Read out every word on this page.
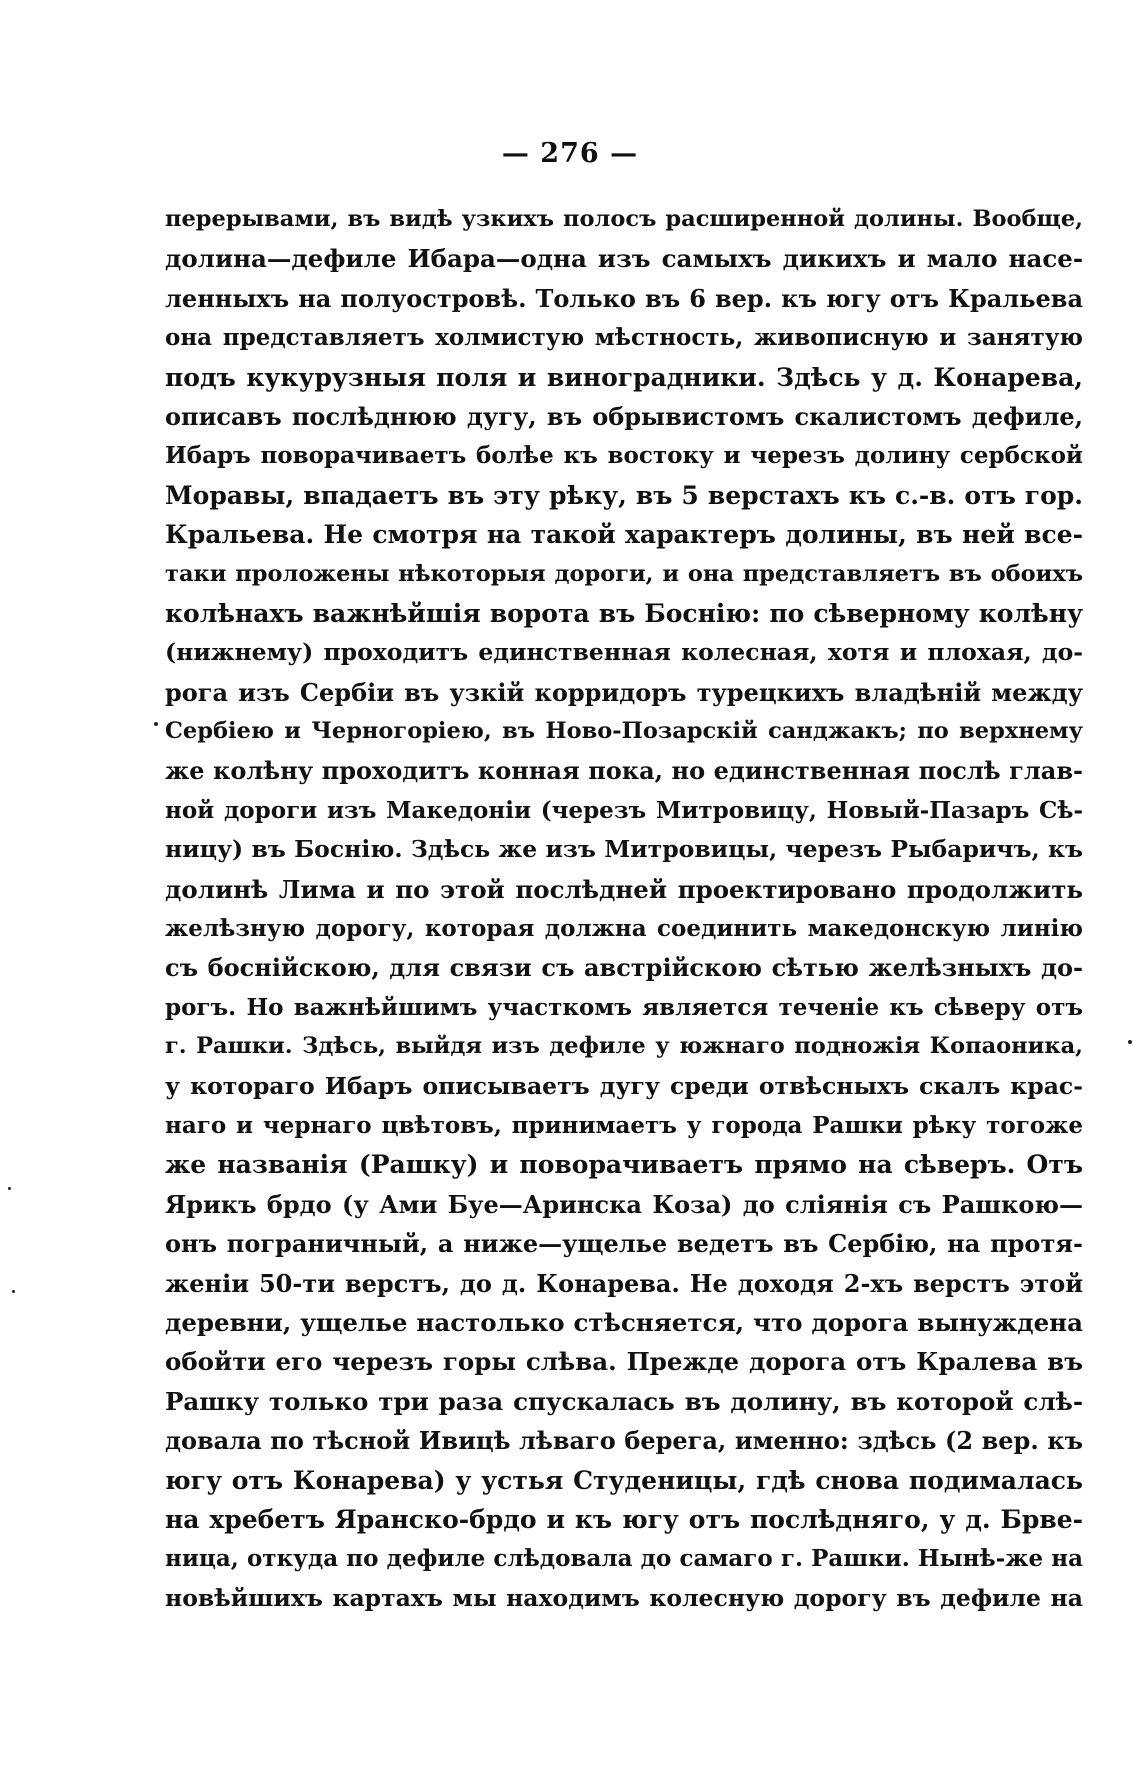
— 276 —
перерывами, въ видѣ узкихъ полосъ расширенной долины. Вообще,
долина—дефиле Ибара—одна изъ самыхъ дикихъ и мало насе-
ленныхъ на полуостровѣ. Только въ 6 вер. къ югу отъ Кральева
она представляетъ холмистую мѣстность, живописную и занятую
подъ кукурузныя поля и виноградники. Здѣсь у д. Конарева,
описавъ послѣднюю дугу, въ обрывистомъ скалистомъ дефиле,
Ибаръ поворачиваетъ болѣе къ востоку и черезъ долину сербской
Моравы, впадаетъ въ эту рѣку, въ 5 верстахъ къ с.-в. отъ гор.
Кральева. Не смотря на такой характеръ долины, въ ней все-
таки проложены нѣкоторыя дороги, и она представляетъ въ обоихъ
колѣнахъ важнѣйшія ворота въ Боснію: по сѣверному колѣну
(нижнему) проходитъ единственная колесная, хотя и плохая, до-
рога изъ Сербіи въ узкій корридоръ турецкихъ владѣній между
Сербіею и Черногоріею, въ Ново-Позарскій санджакъ; по верхнему
же колѣну проходитъ конная пока, но единственная послѣ глав-
ной дороги изъ Македоніи (черезъ Митровицу, Новый-Пазаръ Сѣ-
ницу) въ Боснію. Здѣсь же изъ Митровицы, черезъ Рыбаричъ, къ
долинѣ Лима и по этой послѣдней проектировано продолжить
желѣзную дорогу, которая должна соединить македонскую линію
съ боснійскою, для связи съ австрійскою сѣтью желѣзныхъ до-
рогъ. Но важнѣйшимъ участкомъ является теченіе къ сѣверу отъ
г. Рашки. Здѣсь, выйдя изъ дефиле у южнаго подножія Копаоника,
у котораго Ибаръ описываетъ дугу среди отвѣсныхъ скалъ крас-
наго и чернаго цвѣтовъ, принимаетъ у города Рашки рѣку тогоже
же названія (Рашку) и поворачиваетъ прямо на сѣверъ. Отъ
Ярикъ брдо (у Ами Буе—Аринска Коза) до сліянія съ Рашкою—
онъ пограничный, а ниже—ущелье ведетъ въ Сербію, на протя-
женіи 50-ти верстъ, до д. Конарева. Не доходя 2-хъ верстъ этой
деревни, ущелье настолько стѣсняется, что дорога вынуждена
обойти его черезъ горы слѣва. Прежде дорога отъ Кралева въ
Рашку только три раза спускалась въ долину, въ которой слѣ-
довала по тѣсной Ивицѣ лѣваго берега, именно: здѣсь (2 вер. къ
югу отъ Конарева) у устья Студеницы, гдѣ снова подималась
на хребетъ Яранско-брдо и къ югу отъ послѣдняго, у д. Брве-
ница, откуда по дефиле слѣдовала до самаго г. Рашки. Нынѣ-же на
новѣйшихъ картахъ мы находимъ колесную дорогу въ дефиле на
